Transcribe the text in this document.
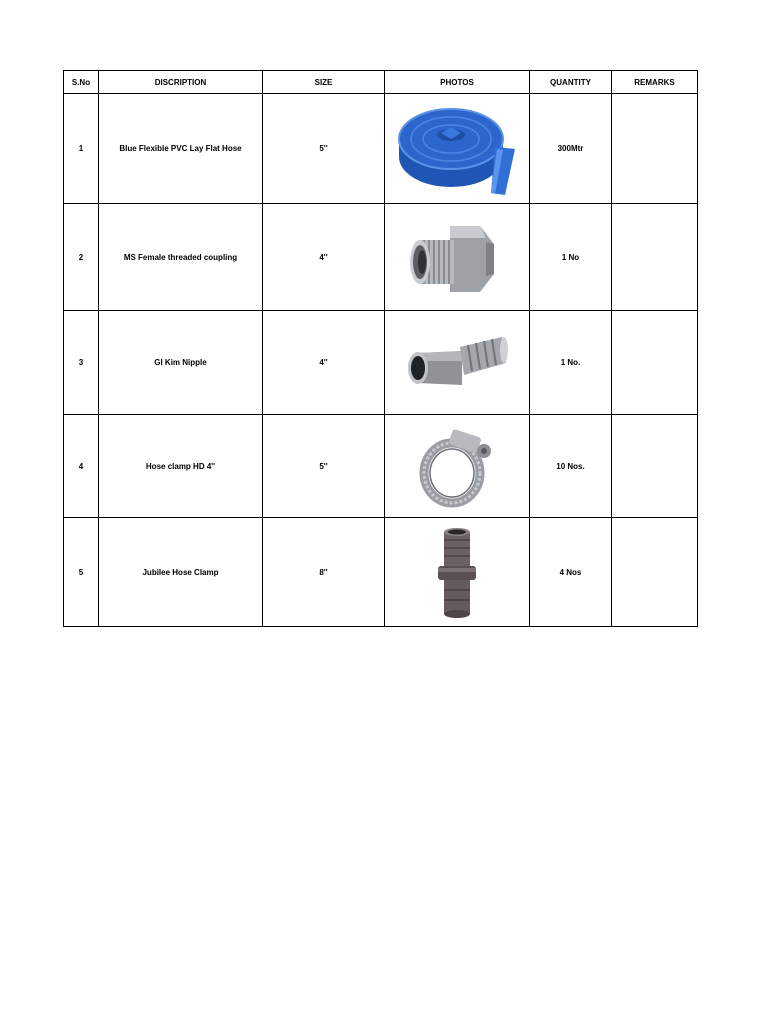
S.No	DISCRIPTION	SIZE	PHOTOS	QUANTITY	REMARKS
1	Blue Flexible PVC Lay Flat Hose	5''		300Mtr	
2	MS Female threaded coupling	4''		1 No	
3	GI Kim Nipple	4''		1 No.	
4	Hose clamp HD 4''	5''		10 Nos.	
5	Jubilee Hose Clamp	8''		4 Nos	
